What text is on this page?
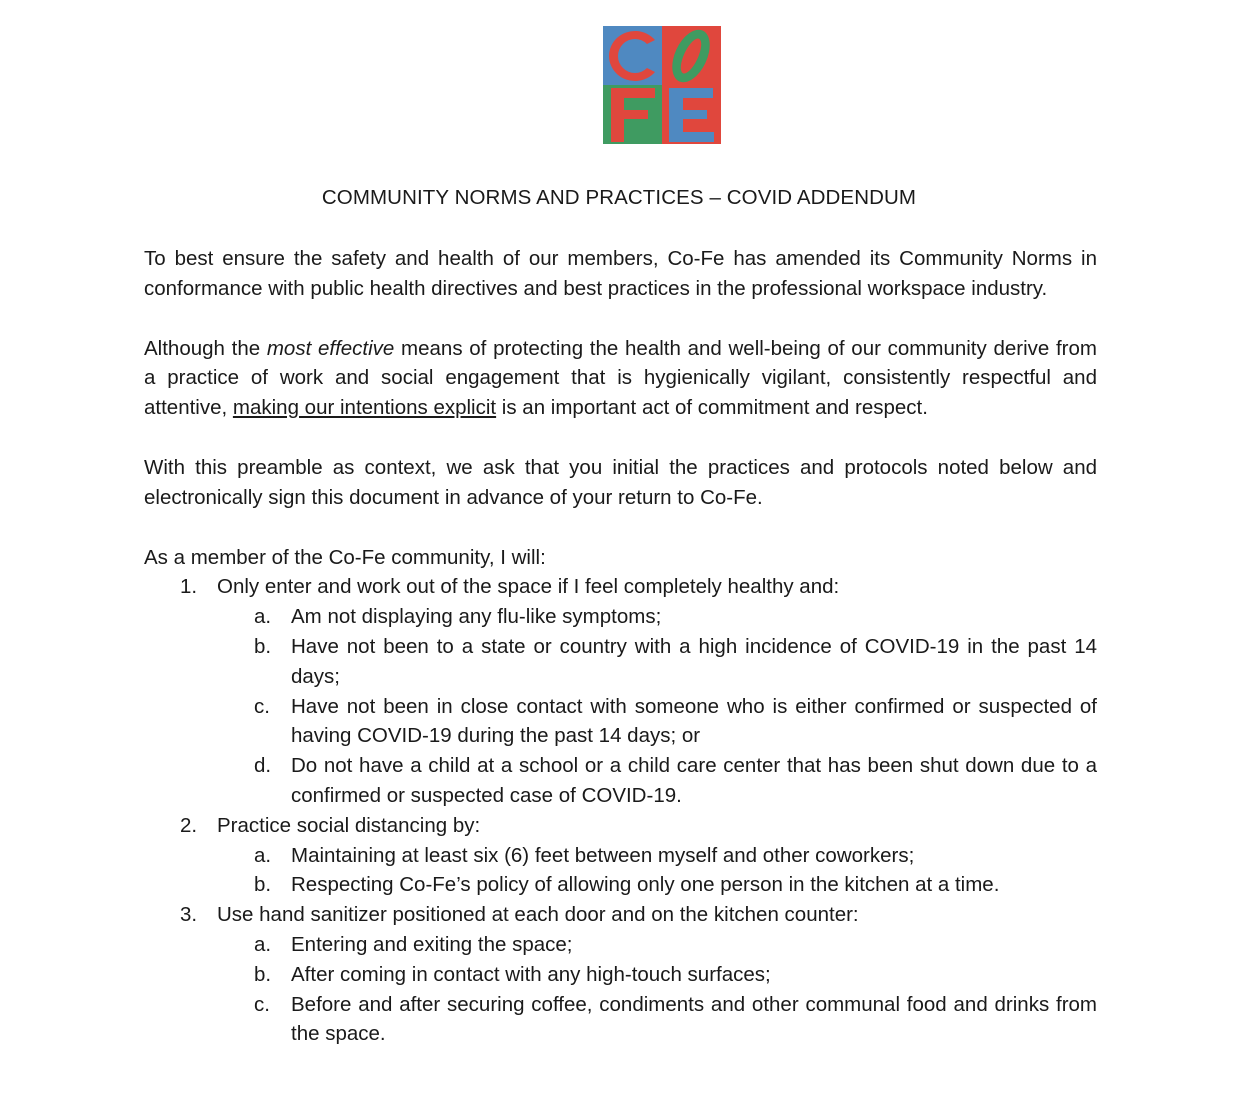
COMMUNITY NORMS AND PRACTICES – COVID ADDENDUM

To best ensure the safety and health of our members, Co-Fe has amended its Community Norms in conformance with public health directives and best practices in the professional workspace industry.

Although the most effective means of protecting the health and well-being of our community derive from a practice of work and social engagement that is hygienically vigilant, consistently respectful and attentive, making our intentions explicit is an important act of commitment and respect.

With this preamble as context, we ask that you initial the practices and protocols noted below and electronically sign this document in advance of your return to Co-Fe.

As a member of the Co-Fe community, I will:

1. Only enter and work out of the space if I feel completely healthy and:
a. Am not displaying any flu-like symptoms;
b. Have not been to a state or country with a high incidence of COVID-19 in the past 14 days;
c. Have not been in close contact with someone who is either confirmed or suspected of having COVID-19 during the past 14 days; or
d. Do not have a child at a school or a child care center that has been shut down due to a confirmed or suspected case of COVID-19.
2. Practice social distancing by:
a. Maintaining at least six (6) feet between myself and other coworkers;
b. Respecting Co-Fe’s policy of allowing only one person in the kitchen at a time.
3. Use hand sanitizer positioned at each door and on the kitchen counter:
a. Entering and exiting the space;
b. After coming in contact with any high-touch surfaces;
c. Before and after securing coffee, condiments and other communal food and drinks from the space.
